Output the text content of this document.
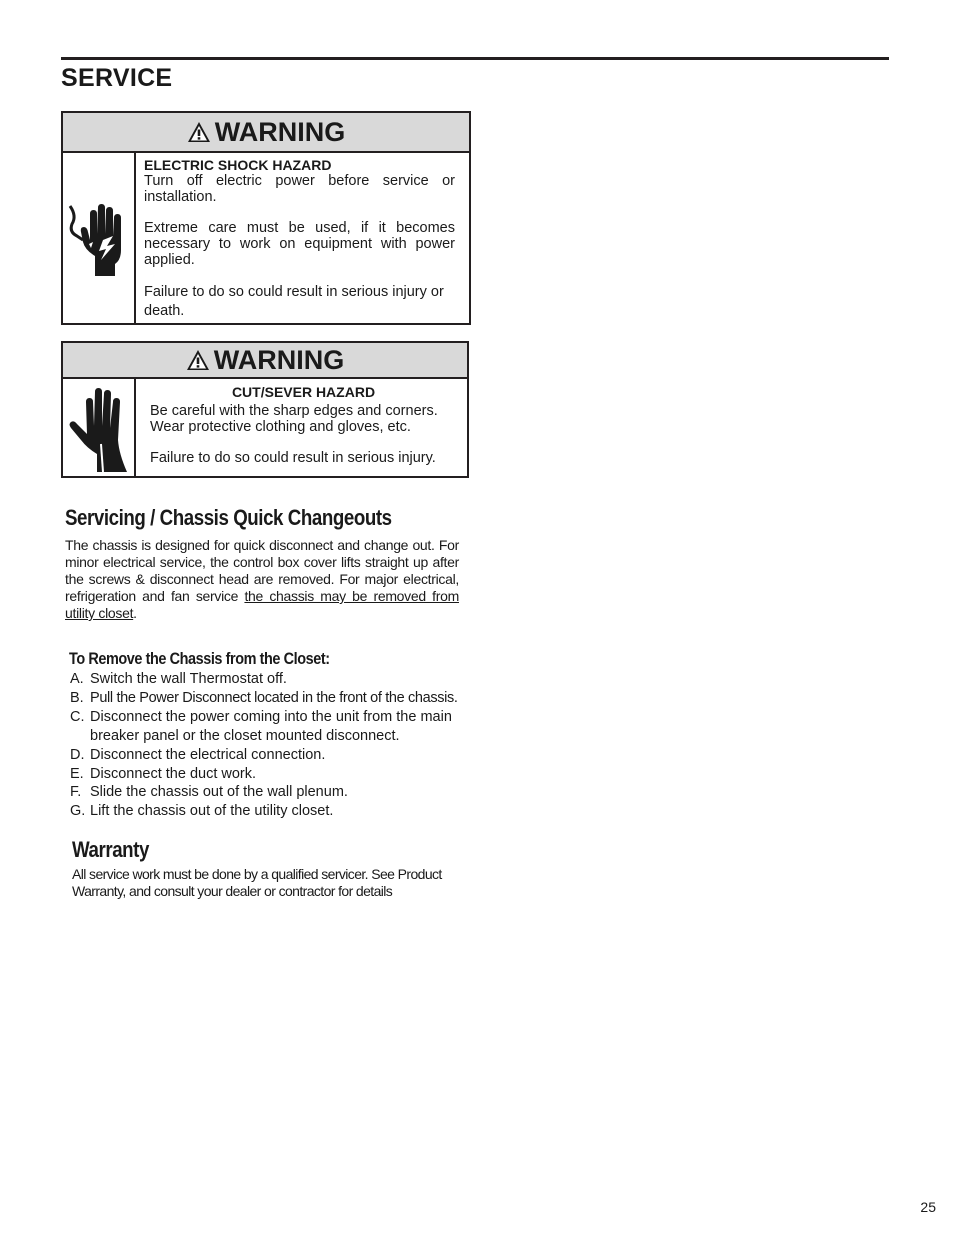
SERVICE
WARNING

ELECTRIC SHOCK HAZARD

Turn off electric power before service or installation.

Extreme care must be used, if it becomes necessary to work on equipment with power applied.

Failure to do so could result in serious injury or death.

WARNING

CUT/SEVER HAZARD

Be careful with the sharp edges and corners.

Wear protective clothing and gloves, etc.

Failure to do so could result in serious injury.

Servicing / Chassis Quick Changeouts

The chassis is designed for quick disconnect and change out. For minor electrical service, the control box cover lifts straight up after the screws & disconnect head are removed. For major electrical, refrigeration and fan service the chassis may be removed from utility closet.

To Remove the Chassis from the Closet:
A. Switch the wall Thermostat off.
B. Pull the Power Disconnect located in the front of the chassis.
C. Disconnect the power coming into the unit from the main breaker panel or the closet mounted disconnect.
D. Disconnect the electrical connection.
E. Disconnect the duct work.
F. Slide the chassis out of the wall plenum.
G. Lift the chassis out of the utility closet.
Warranty

All service work must be done by a qualified servicer. See Product Warranty, and consult your dealer or contractor for details

25
